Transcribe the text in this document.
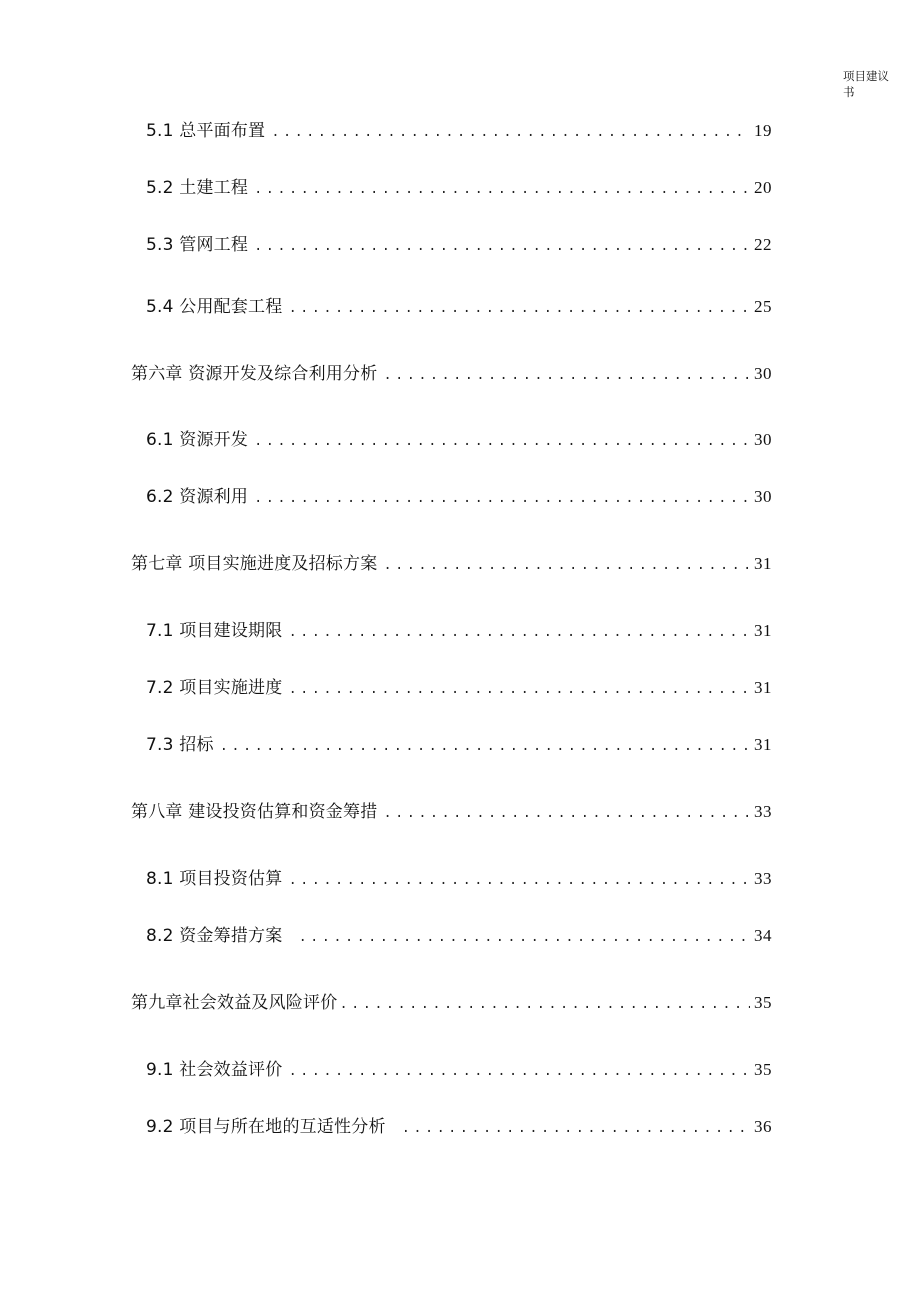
项目建议书
5.1 总平面布置 .....	19
5.2 土建工程 .....	20
5.3 管网工程 .....	22
5.4 公用配套工程 .....	25
第六章 资源开发及综合利用分析 .....	30
6.1 资源开发 .....	30
6.2 资源利用 .....	30
第七章 项目实施进度及招标方案 .....	31
7.1 项目建设期限 .....	31
7.2 项目实施进度 .....	31
7.3 招标 .....	31
第八章 建设投资估算和资金筹措 .....	33
8.1 项目投资估算 .....	33
8.2 资金筹措方案 .....	34
第九章社会效益及风险评价 .....	35
9.1 社会效益评价 .....	35
9.2 项目与所在地的互适性分析 .....	36
